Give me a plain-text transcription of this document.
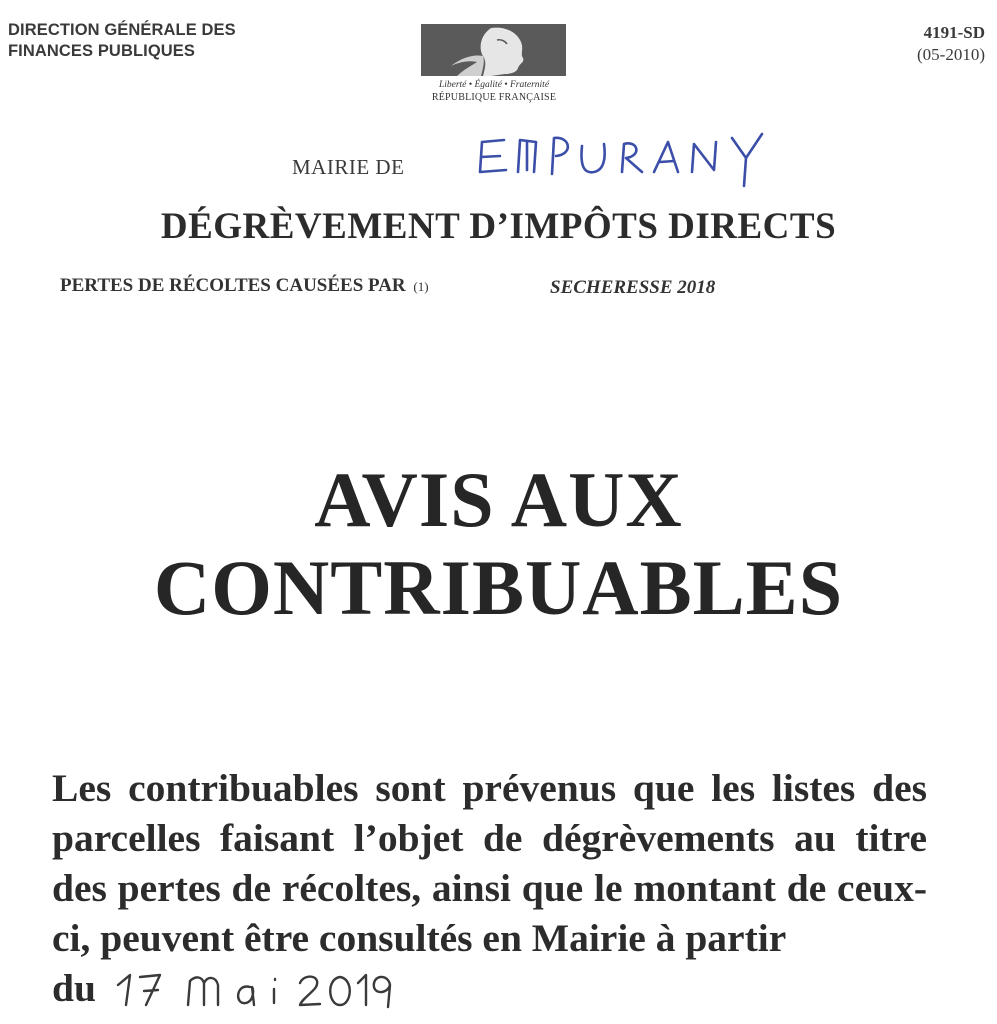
DIRECTION GÉNÉRALE DES
FINANCES PUBLIQUES
Liberté • Égalité • Fraternité
RÉPUBLIQUE FRANÇAISE
4191-SD
(05-2010)
MAIRIE DE
EMPURANY
DÉGRÈVEMENT D’IMPÔTS DIRECTS
PERTES DE RÉCOLTES CAUSÉES PAR (1)	SECHERESSE 2018
AVIS AUX
CONTRIBUABLES
Les contribuables sont prévenus que les listes des parcelles faisant l’objet de dégrèvements au titre des pertes de récoltes, ainsi que le montant de ceux-ci, peuvent être consultés en Mairie à partir
du
17 Mai 2019
